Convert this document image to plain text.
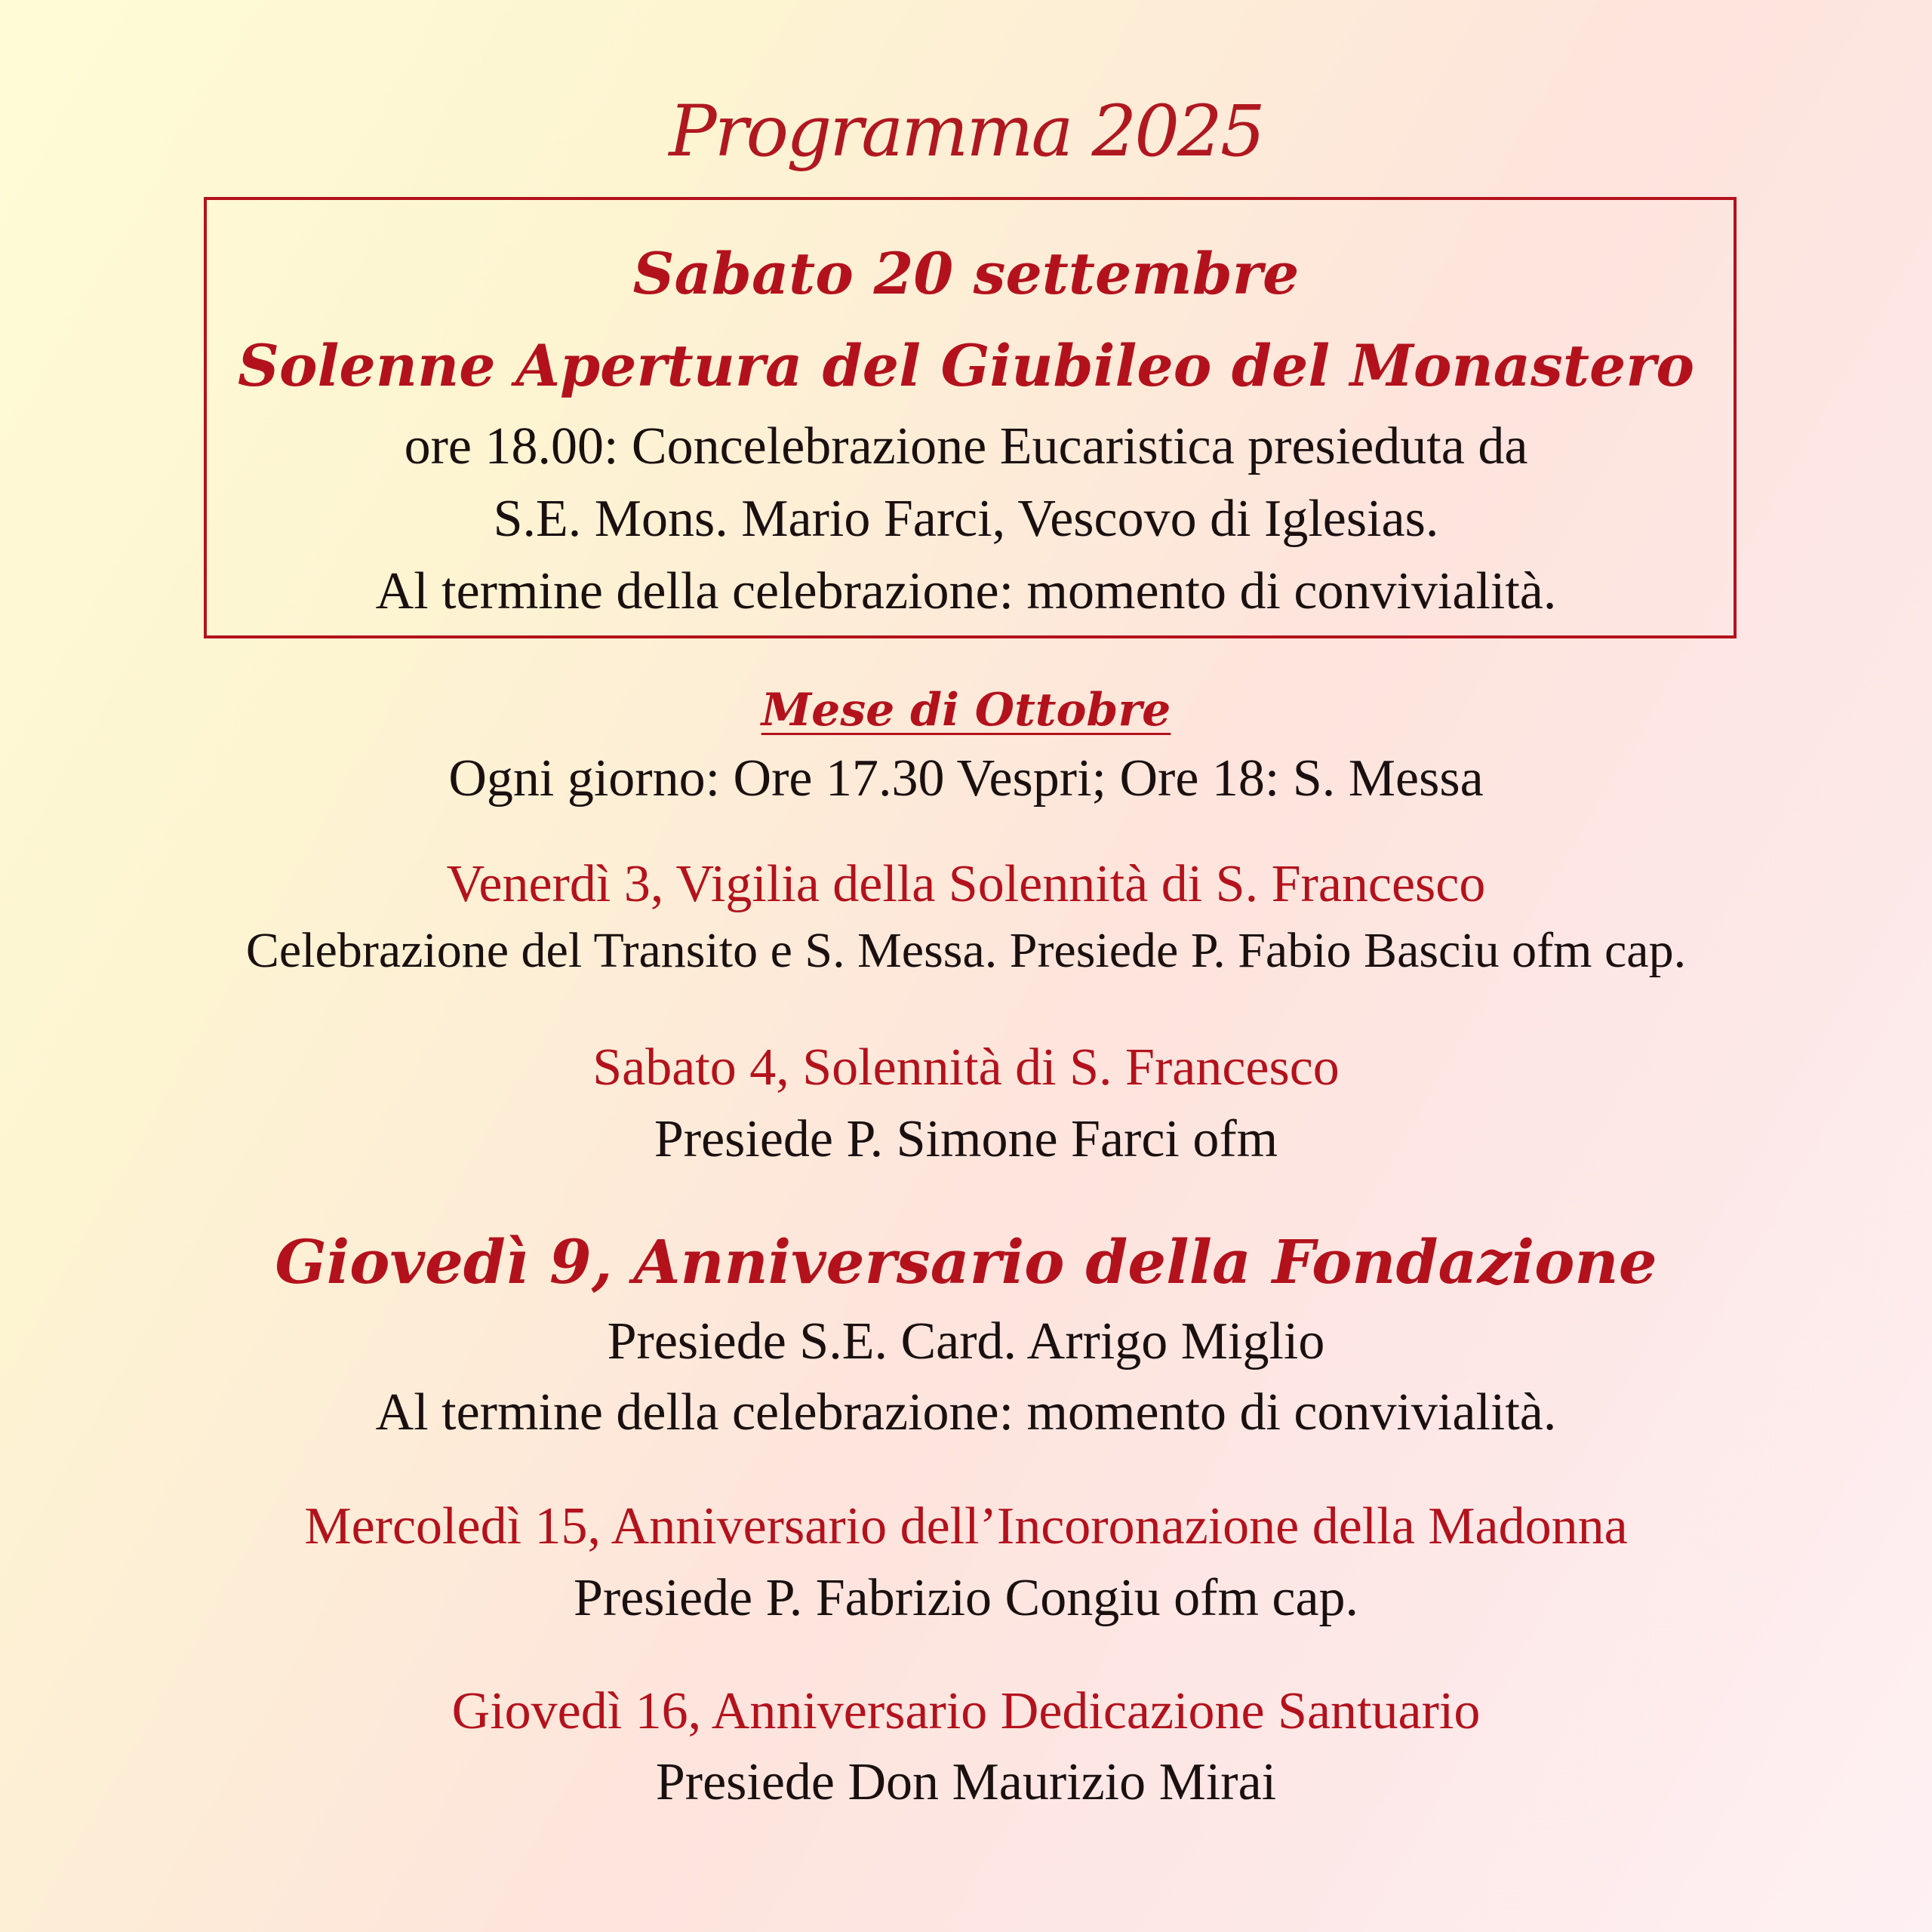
Programma 2025
Sabato 20 settembre
Solenne Apertura del Giubileo del Monastero
ore 18.00: Concelebrazione Eucaristica presieduta da
S.E. Mons. Mario Farci, Vescovo di Iglesias.
Al termine della celebrazione: momento di convivialità.
Mese di Ottobre
Ogni giorno: Ore 17.30 Vespri; Ore 18: S. Messa
Venerdì 3, Vigilia della Solennità di S. Francesco
Celebrazione del Transito e S. Messa. Presiede P. Fabio Basciu ofm cap.
Sabato 4, Solennità di S. Francesco
Presiede P. Simone Farci ofm
Giovedì 9, Anniversario della Fondazione
Presiede S.E. Card. Arrigo Miglio
Al termine della celebrazione: momento di convivialità.
Mercoledì 15, Anniversario dell’Incoronazione della Madonna
Presiede P. Fabrizio Congiu ofm cap.
Giovedì 16, Anniversario Dedicazione Santuario
Presiede Don Maurizio Mirai
